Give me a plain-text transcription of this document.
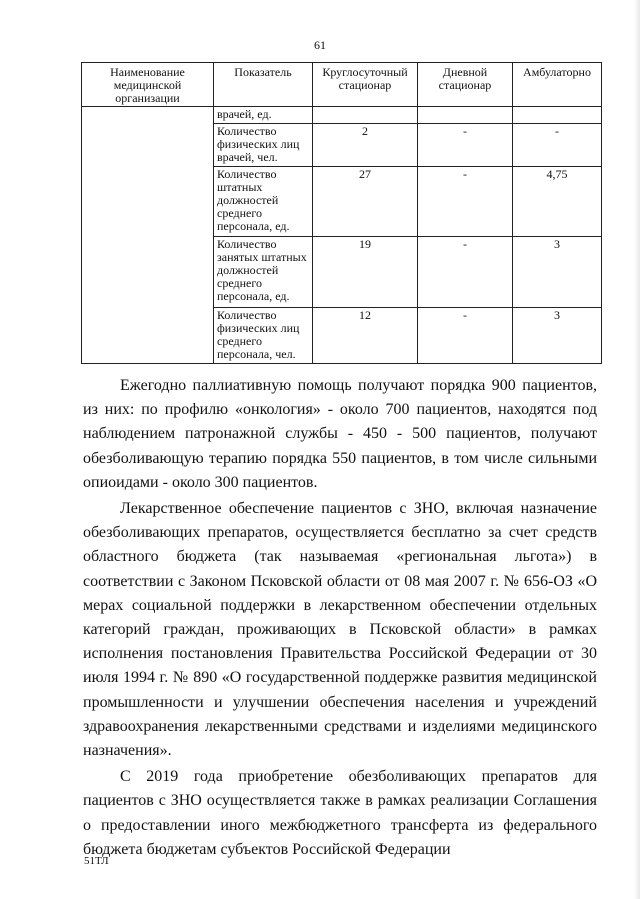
61
Наименование медицинской организации	Показатель	Круглосуточный стационар	Дневной стационар	Амбулаторно
	врачей, ед.			
	Количество физических лиц врачей, чел.	2	-	-
	Количество штатных должностей среднего персонала, ед.	27	-	4,75
	Количество занятых штатных должностей среднего персонала, ед.	19	-	3
	Количество физических лиц среднего персонала, чел.	12	-	3

Ежегодно паллиативную помощь получают порядка 900 пациентов, из них: по профилю «онкология» - около 700 пациентов, находятся под наблюдением патронажной службы - 450 - 500 пациентов, получают обезболивающую терапию порядка 550 пациентов, в том числе сильными опиоидами - около 300 пациентов.

Лекарственное обеспечение пациентов с ЗНО, включая назначение обезболивающих препаратов, осуществляется бесплатно за счет средств областного бюджета (так называемая «региональная льгота») в соответствии с Законом Псковской области от 08 мая 2007 г. № 656-ОЗ «О мерах социальной поддержки в лекарственном обеспечении отдельных категорий граждан, проживающих в Псковской области» в рамках исполнения постановления Правительства Российской Федерации от 30 июля 1994 г. № 890 «О государственной поддержке развития медицинской промышленности и улучшении обеспечения населения и учреждений здравоохранения лекарственными средствами и изделиями медицинского назначения».

С 2019 года приобретение обезболивающих препаратов для пациентов с ЗНО осуществляется также в рамках реализации Соглашения о предоставлении иного межбюджетного трансферта из федерального бюджета бюджетам субъектов Российской Федерации

51ТЛ
